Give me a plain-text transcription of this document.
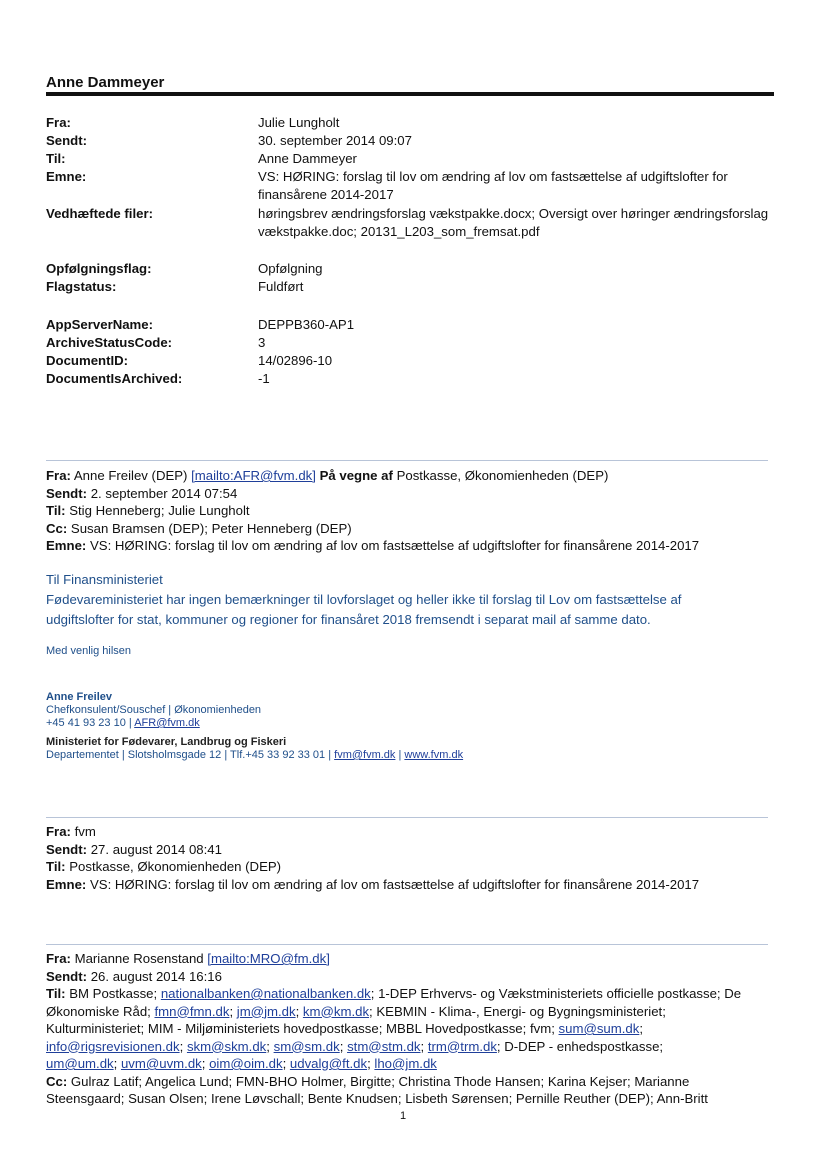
Anne Dammeyer
Fra:	Julie Lungholt
Sendt:	30. september 2014 09:07
Til:	Anne Dammeyer
Emne:	VS: HØRING: forslag til lov om ændring af lov om fastsættelse af udgiftslofter for finansårene 2014-2017
Vedhæftede filer:	høringsbrev ændringsforslag vækstpakke.docx; Oversigt over høringer ændringsforslag vækstpakke.doc; 20131_L203_som_fremsat.pdf
Opfølgningsflag:	Opfølgning
Flagstatus:	Fuldført
AppServerName:	DEPPB360-AP1
ArchiveStatusCode:	3
DocumentID:	14/02896-10
DocumentIsArchived:	-1
Fra: Anne Freilev (DEP) [mailto:AFR@fvm.dk] På vegne af Postkasse, Økonomienheden (DEP)
Sendt: 2. september 2014 07:54
Til: Stig Henneberg; Julie Lungholt
Cc: Susan Bramsen (DEP); Peter Henneberg (DEP)
Emne: VS: HØRING: forslag til lov om ændring af lov om fastsættelse af udgiftslofter for finansårene 2014-2017
Til Finansministeriet
Fødevareministeriet har ingen bemærkninger til lovforslaget og heller ikke til forslag til Lov om fastsættelse af udgiftslofter for stat, kommuner og regioner for finansåret 2018 fremsendt i separat mail af samme dato.
Med venlig hilsen
Anne Freilev
Chefkonsulent/Souschef | Økonomienheden
+45 41 93 23 10 | AFR@fvm.dk
Ministeriet for Fødevarer, Landbrug og Fiskeri
Departementet | Slotsholmsgade 12 | Tlf.+45 33 92 33 01 | fvm@fvm.dk | www.fvm.dk
Fra: fvm
Sendt: 27. august 2014 08:41
Til: Postkasse, Økonomienheden (DEP)
Emne: VS: HØRING: forslag til lov om ændring af lov om fastsættelse af udgiftslofter for finansårene 2014-2017
Fra: Marianne Rosenstand [mailto:MRO@fm.dk]
Sendt: 26. august 2014 16:16
Til: BM Postkasse; nationalbanken@nationalbanken.dk; 1-DEP Erhvervs- og Vækstministeriets officielle postkasse; De
Økonomiske Råd; fmn@fmn.dk; jm@jm.dk; km@km.dk; KEBMIN - Klima-, Energi- og Bygningsministeriet;
Kulturministeriet; MIM - Miljøministeriets hovedpostkasse; MBBL Hovedpostkasse; fvm; sum@sum.dk;
info@rigsrevisionen.dk; skm@skm.dk; sm@sm.dk; stm@stm.dk; trm@trm.dk; D-DEP - enhedspostkasse;
um@um.dk; uvm@uvm.dk; oim@oim.dk; udvalg@ft.dk; lho@jm.dk
Cc: Gulraz Latif; Angelica Lund; FMN-BHO Holmer, Birgitte; Christina Thode Hansen; Karina Kejser; Marianne
Steensgaard; Susan Olsen; Irene Løvschall; Bente Knudsen; Lisbeth Sørensen; Pernille Reuther (DEP); Ann-Britt
1
